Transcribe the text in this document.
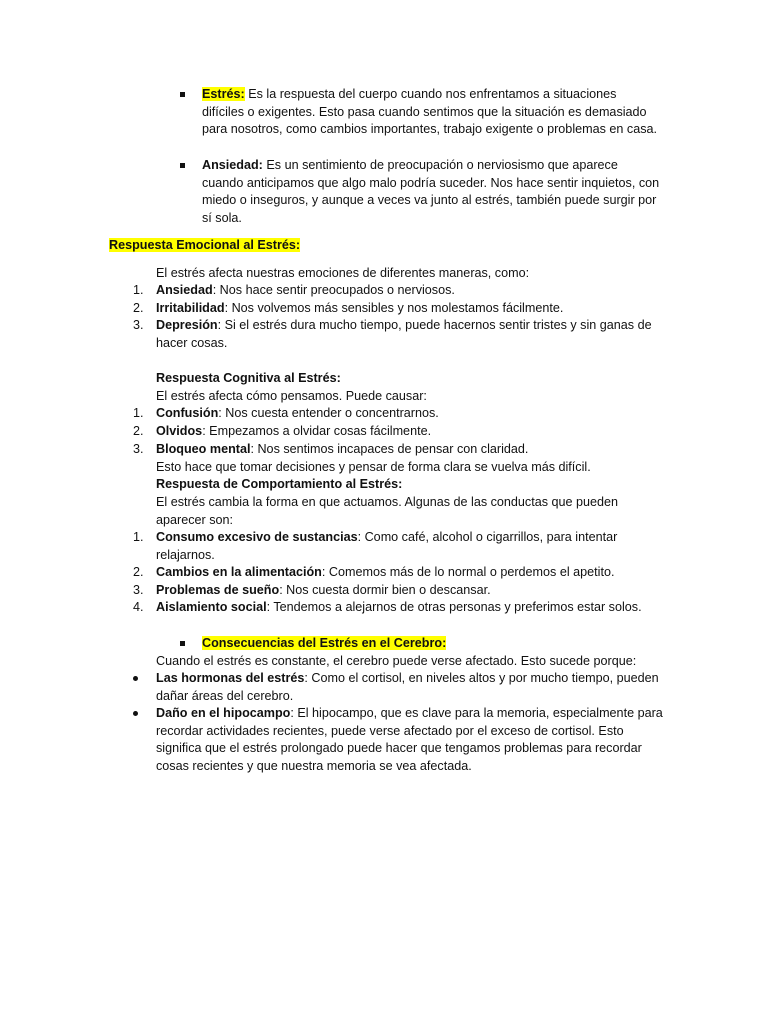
Estrés: Es la respuesta del cuerpo cuando nos enfrentamos a situaciones difíciles o exigentes. Esto pasa cuando sentimos que la situación es demasiado para nosotros, como cambios importantes, trabajo exigente o problemas en casa.
Ansiedad: Es un sentimiento de preocupación o nerviosismo que aparece cuando anticipamos que algo malo podría suceder. Nos hace sentir inquietos, con miedo o inseguros, y aunque a veces va junto al estrés, también puede surgir por sí sola.
Respuesta Emocional al Estrés:
El estrés afecta nuestras emociones de diferentes maneras, como:
1. Ansiedad: Nos hace sentir preocupados o nerviosos.
2. Irritabilidad: Nos volvemos más sensibles y nos molestamos fácilmente.
3. Depresión: Si el estrés dura mucho tiempo, puede hacernos sentir tristes y sin ganas de hacer cosas.
Respuesta Cognitiva al Estrés:
El estrés afecta cómo pensamos. Puede causar:
1. Confusión: Nos cuesta entender o concentrarnos.
2. Olvidos: Empezamos a olvidar cosas fácilmente.
3. Bloqueo mental: Nos sentimos incapaces de pensar con claridad.
Esto hace que tomar decisiones y pensar de forma clara se vuelva más difícil.
Respuesta de Comportamiento al Estrés:
El estrés cambia la forma en que actuamos. Algunas de las conductas que pueden aparecer son:
1. Consumo excesivo de sustancias: Como café, alcohol o cigarrillos, para intentar relajarnos.
2. Cambios en la alimentación: Comemos más de lo normal o perdemos el apetito.
3. Problemas de sueño: Nos cuesta dormir bien o descansar.
4. Aislamiento social: Tendemos a alejarnos de otras personas y preferimos estar solos.
Consecuencias del Estrés en el Cerebro:
Cuando el estrés es constante, el cerebro puede verse afectado. Esto sucede porque:
Las hormonas del estrés: Como el cortisol, en niveles altos y por mucho tiempo, pueden dañar áreas del cerebro.
Daño en el hipocampo: El hipocampo, que es clave para la memoria, especialmente para recordar actividades recientes, puede verse afectado por el exceso de cortisol. Esto significa que el estrés prolongado puede hacer que tengamos problemas para recordar cosas recientes y que nuestra memoria se vea afectada.
